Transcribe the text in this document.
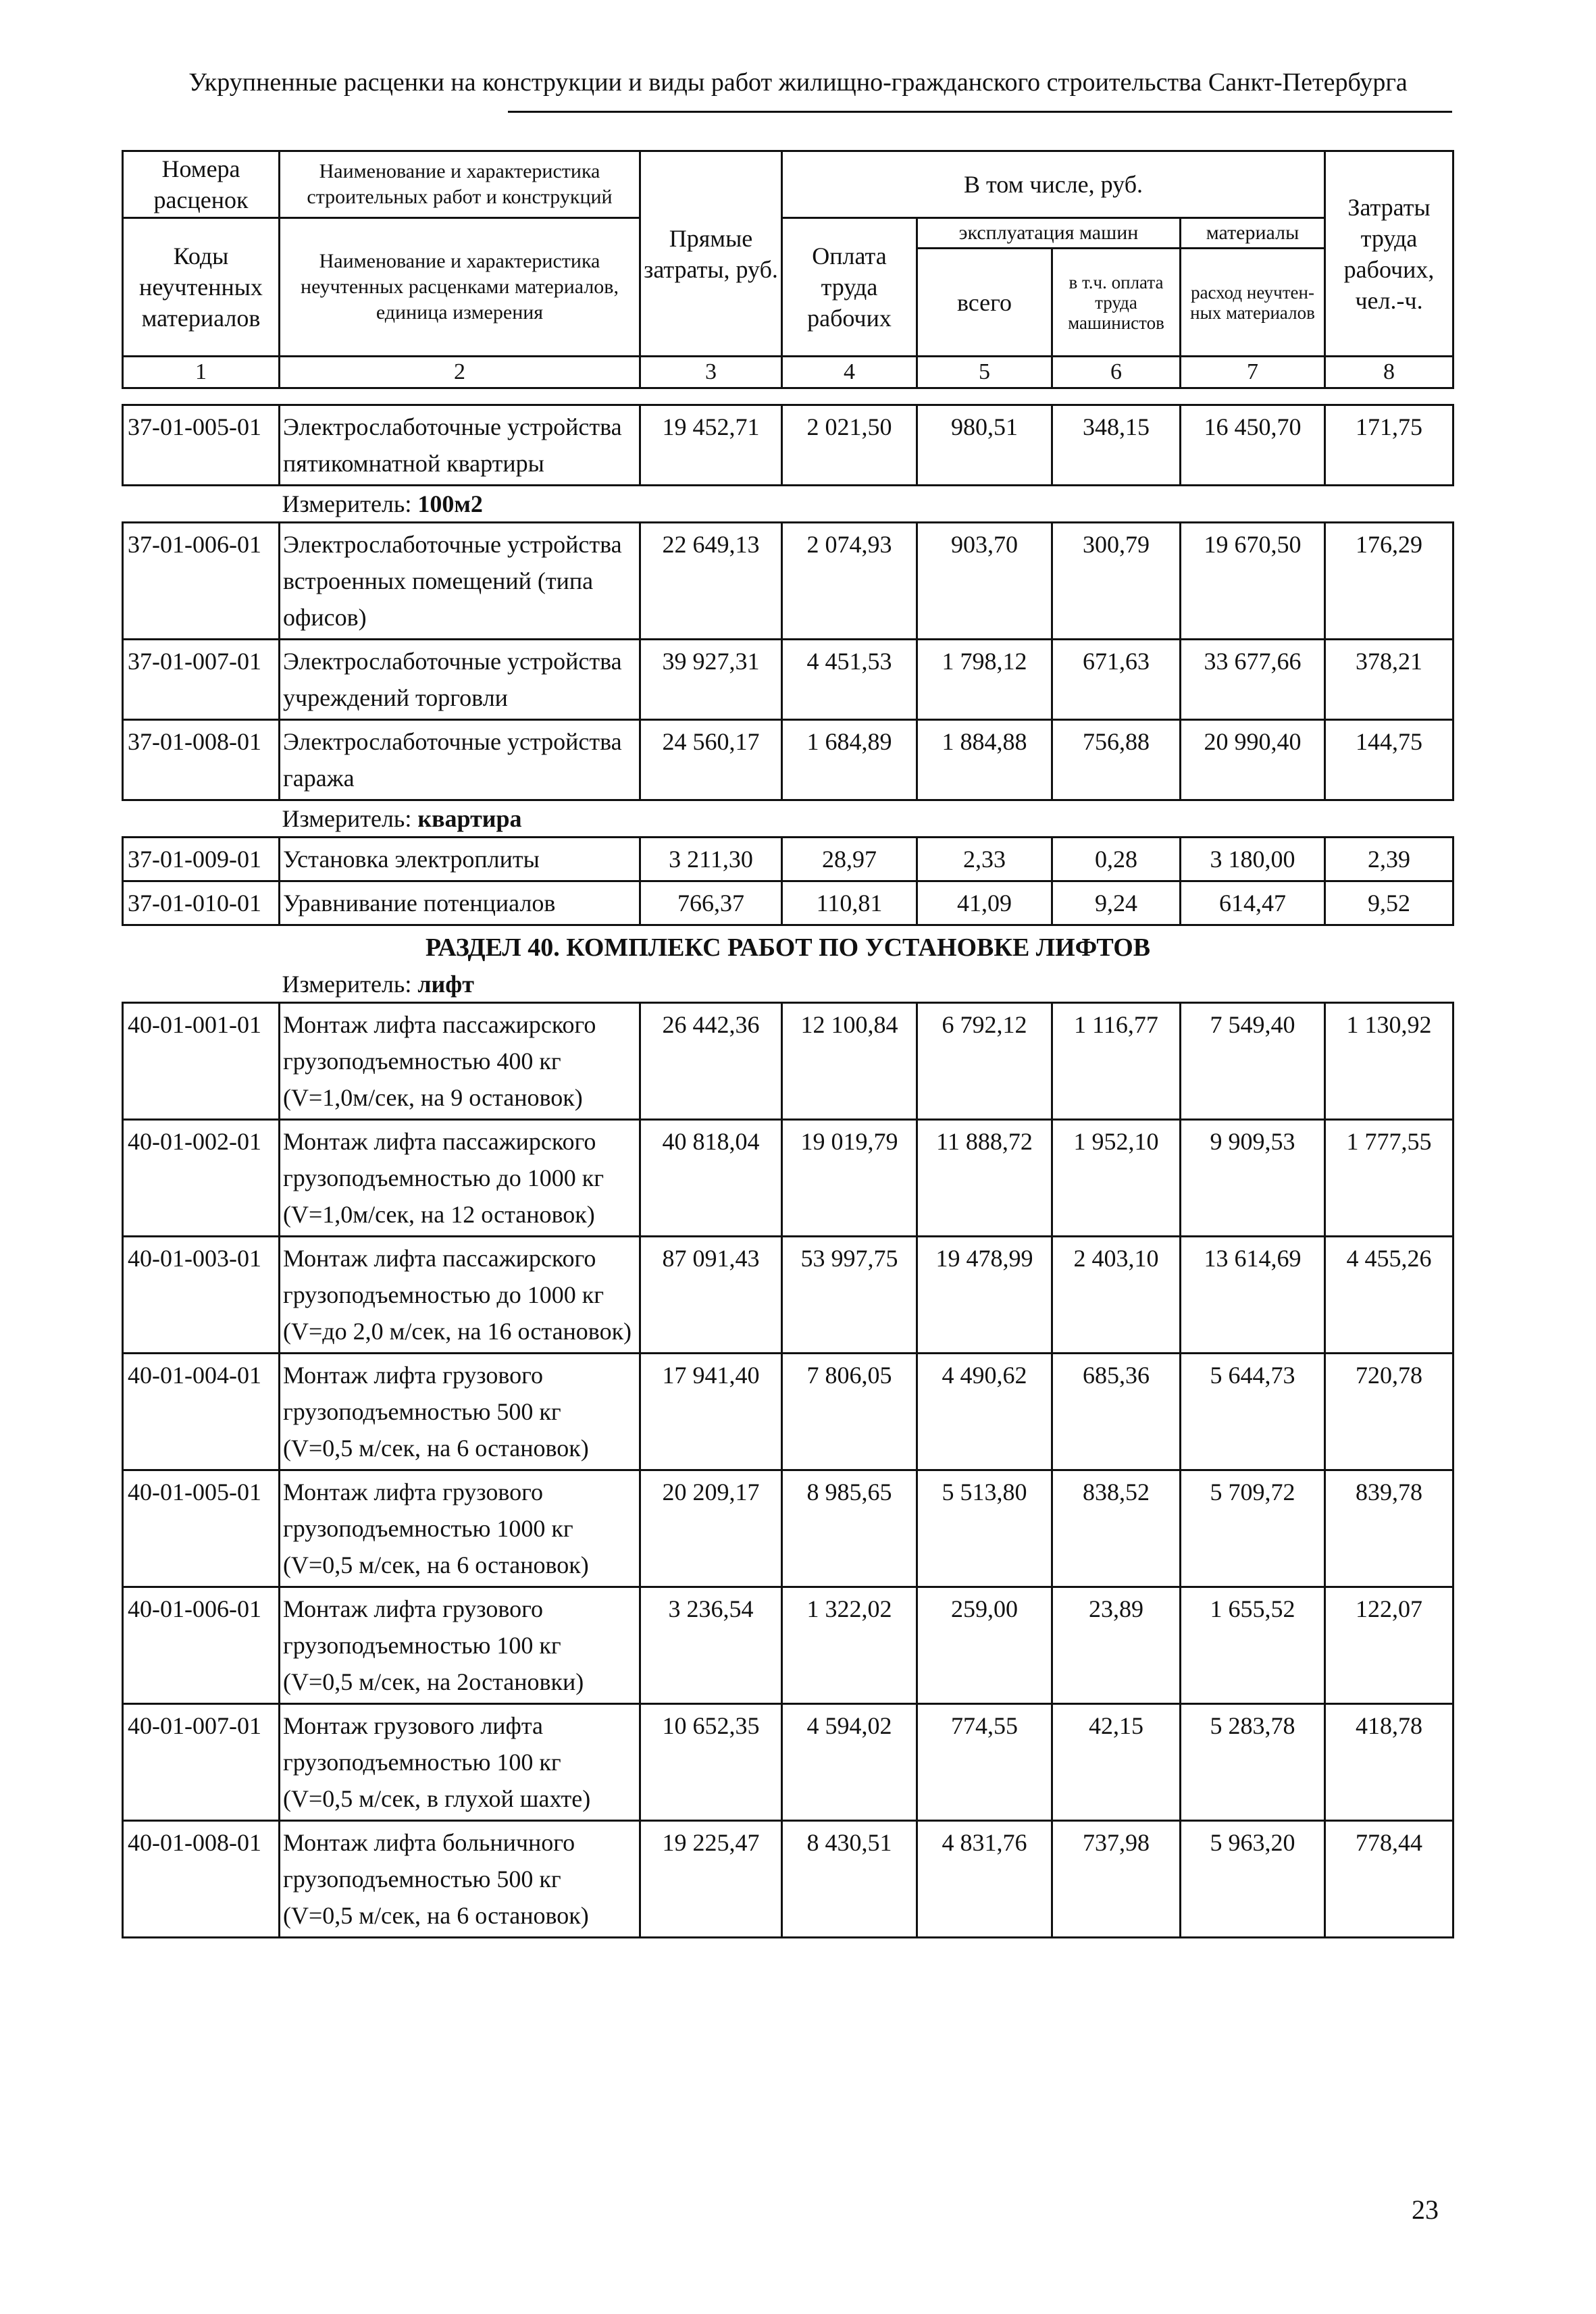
Укрупненные расценки на конструкции и виды работ жилищно-гражданского строительства Санкт-Петербурга
Номера расценок	Наименование и характеристика строительных работ и конструкций	Прямые затраты, руб.	В том числе, руб.				Затраты труда рабочих, чел.-ч.
Коды неучтенных материалов	Наименование и характеристика неучтенных расценками материалов, единица измерения		Оплата труда рабочих	эксплуатация машин		материалы	
				всего	в т.ч. оплата труда машинистов	расход неучтен-ных материалов	
1	2	3	4	5	6	7	8
37-01-005-01	Электрослаботочные устройства пятикомнатной квартиры	19 452,71	2 021,50	980,51	348,15	16 450,70	171,75
	Измеритель: 100м2						
37-01-006-01	Электрослаботочные устройства встроенных помещений (типа офисов)	22 649,13	2 074,93	903,70	300,79	19 670,50	176,29
37-01-007-01	Электрослаботочные устройства учреждений торговли	39 927,31	4 451,53	1 798,12	671,63	33 677,66	378,21
37-01-008-01	Электрослаботочные устройства гаража	24 560,17	1 684,89	1 884,88	756,88	20 990,40	144,75
	Измеритель: квартира						
37-01-009-01	Установка электроплиты	3 211,30	28,97	2,33	0,28	3 180,00	2,39
37-01-010-01	Уравнивание потенциалов	766,37	110,81	41,09	9,24	614,47	9,52
РАЗДЕЛ 40. КОМПЛЕКС РАБОТ ПО УСТАНОВКЕ ЛИФТОВ							
	Измеритель: лифт						
40-01-001-01	Монтаж лифта пассажирского грузоподъемностью 400 кг (V=1,0м/сек, на 9 остановок)	26 442,36	12 100,84	6 792,12	1 116,77	7 549,40	1 130,92
40-01-002-01	Монтаж лифта пассажирского грузоподъемностью до 1000 кг (V=1,0м/сек, на 12 остановок)	40 818,04	19 019,79	11 888,72	1 952,10	9 909,53	1 777,55
40-01-003-01	Монтаж лифта пассажирского грузоподъемностью до 1000 кг (V=до 2,0 м/сек, на 16 остановок)	87 091,43	53 997,75	19 478,99	2 403,10	13 614,69	4 455,26
40-01-004-01	Монтаж лифта грузового грузоподъемностью 500 кг (V=0,5 м/сек, на 6 остановок)	17 941,40	7 806,05	4 490,62	685,36	5 644,73	720,78
40-01-005-01	Монтаж лифта грузового грузоподъемностью 1000 кг (V=0,5 м/сек, на 6 остановок)	20 209,17	8 985,65	5 513,80	838,52	5 709,72	839,78
40-01-006-01	Монтаж лифта грузового грузоподъемностью 100 кг (V=0,5 м/сек, на 2остановки)	3 236,54	1 322,02	259,00	23,89	1 655,52	122,07
40-01-007-01	Монтаж грузового лифта грузоподъемностью 100 кг (V=0,5 м/сек, в глухой шахте)	10 652,35	4 594,02	774,55	42,15	5 283,78	418,78
40-01-008-01	Монтаж лифта больничного грузоподъемностью 500 кг (V=0,5 м/сек, на 6 остановок)	19 225,47	8 430,51	4 831,76	737,98	5 963,20	778,44
23
